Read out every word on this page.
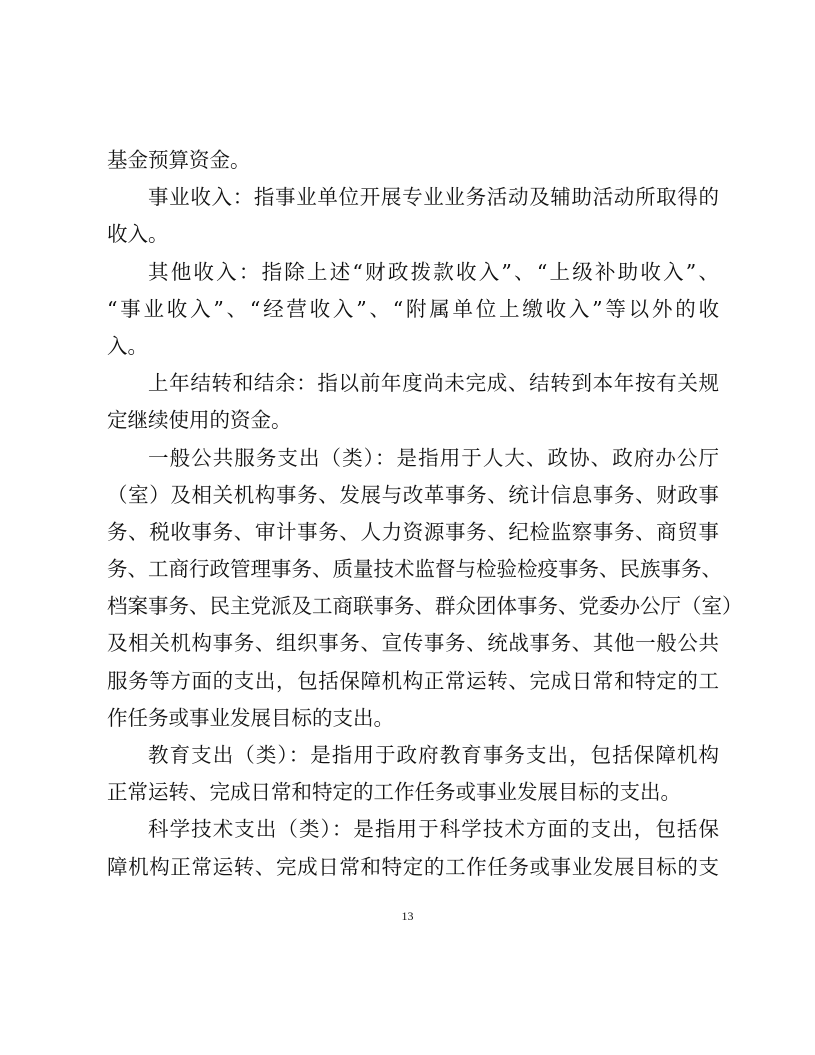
基金预算资金。
事业收入：指事业单位开展专业业务活动及辅助活动所取得的
收入。
其他收入：指除上述“财政拨款收入”、“上级补助收入”、
“事业收入”、“经营收入”、“附属单位上缴收入”等以外的收
入。
上年结转和结余：指以前年度尚未完成、结转到本年按有关规
定继续使用的资金。
一般公共服务支出（类）：是指用于人大、政协、政府办公厅
（室）及相关机构事务、发展与改革事务、统计信息事务、财政事
务、税收事务、审计事务、人力资源事务、纪检监察事务、商贸事
务、工商行政管理事务、质量技术监督与检验检疫事务、民族事务、
档案事务、民主党派及工商联事务、群众团体事务、党委办公厅（室）
及相关机构事务、组织事务、宣传事务、统战事务、其他一般公共
服务等方面的支出，包括保障机构正常运转、完成日常和特定的工
作任务或事业发展目标的支出。
教育支出（类）：是指用于政府教育事务支出，包括保障机构
正常运转、完成日常和特定的工作任务或事业发展目标的支出。
科学技术支出（类）：是指用于科学技术方面的支出，包括保
障机构正常运转、完成日常和特定的工作任务或事业发展目标的支
13
